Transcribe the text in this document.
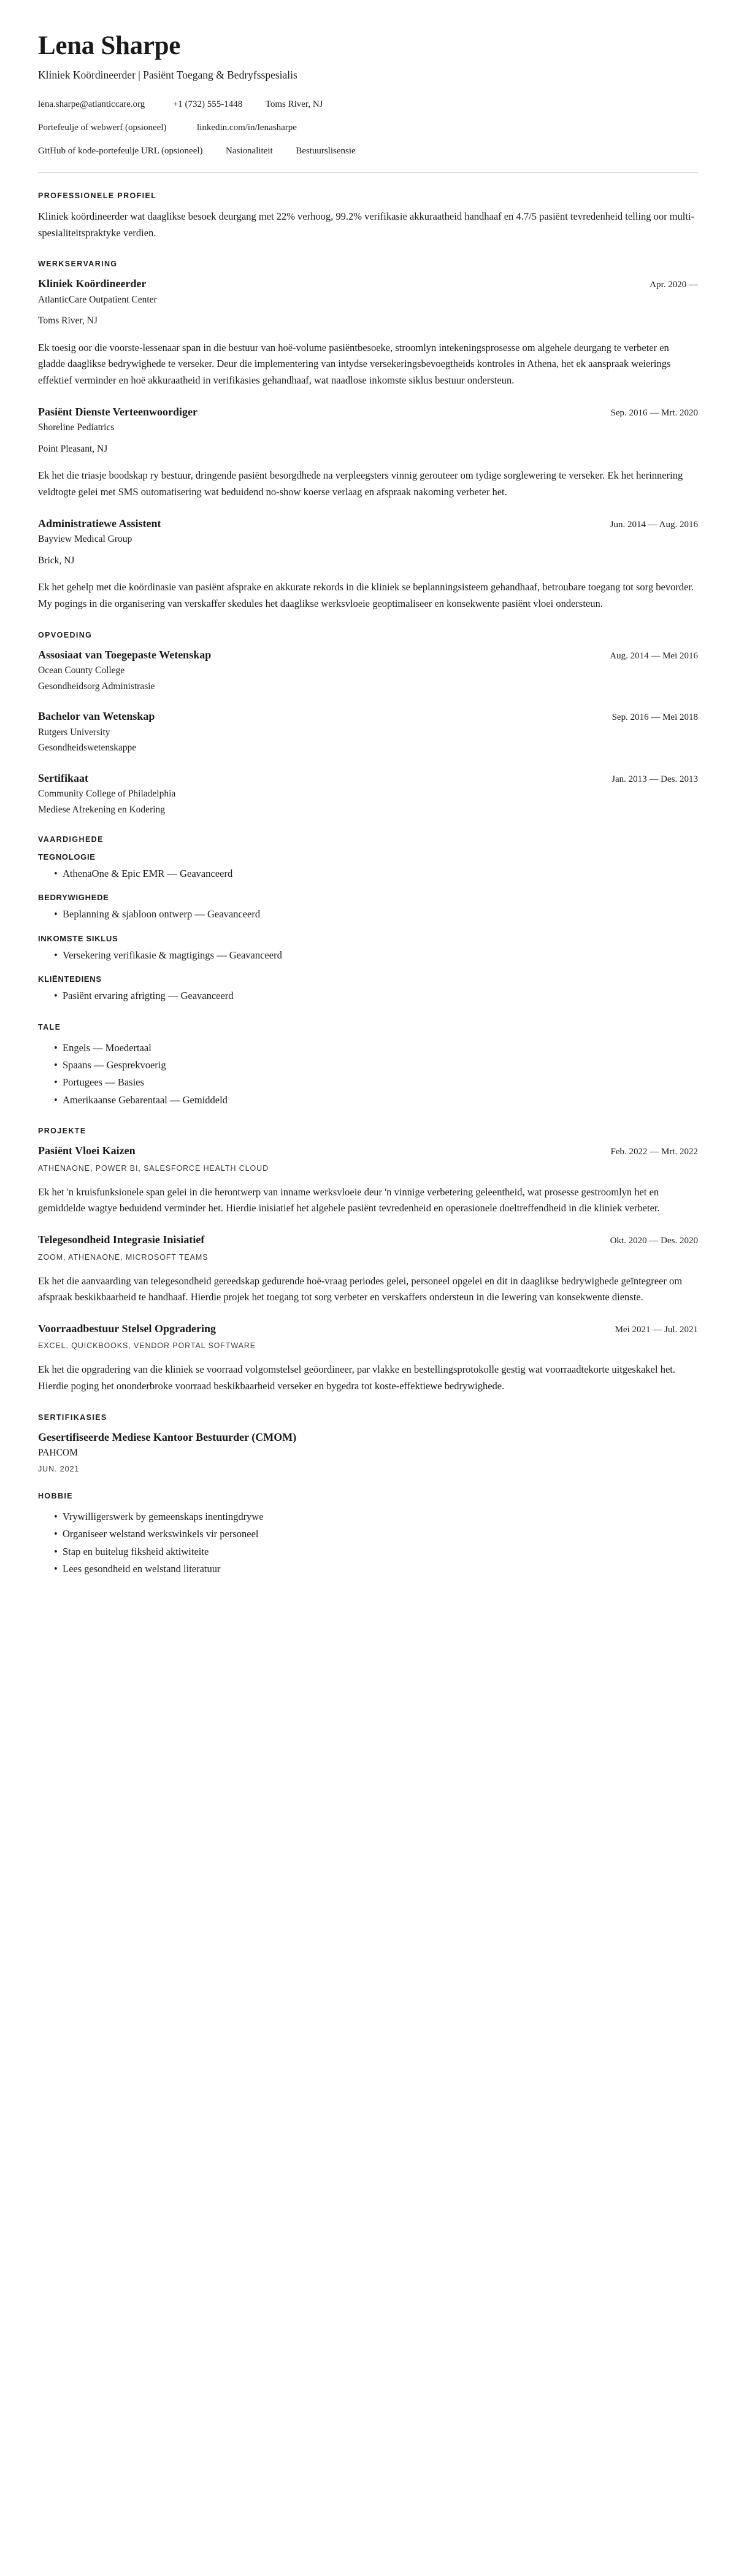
Lena Sharpe
Kliniek Koördineerder | Pasiënt Toegang & Bedryfsspesialis
lena.sharpe@atlanticcare.org	+1 (732) 555-1448	Toms River, NJ
Portefeulje of webwerf (opsioneel)	linkedin.com/in/lenasharpe
GitHub of kode-portefeulje URL (opsioneel)	Nasionaliteit	Bestuurslisensie
PROFESSIONELE PROFIEL

Kliniek koördineerder wat daaglikse besoek deurgang met 22% verhoog, 99.2% verifikasie akkuraatheid handhaaf en 4.7/5 pasiënt tevredenheid telling oor multi-spesialiteitspraktyke verdien.

WERKSERVARING
Kliniek Koördineerder	Apr. 2020 —

AtlanticCare Outpatient Center

Toms River, NJ

Ek toesig oor die voorste-lessenaar span in die bestuur van hoë-volume pasiëntbesoeke, stroomlyn intekeningsprosesse om algehele deurgang te verbeter en gladde daaglikse bedrywighede te verseker. Deur die implementering van intydse versekeringsbevoegtheids kontroles in Athena, het ek aanspraak weierings effektief verminder en hoë akkuraatheid in verifikasies gehandhaaf, wat naadlose inkomste siklus bestuur ondersteun.

Pasiënt Dienste Verteenwoordiger	Sep. 2016 — Mrt. 2020

Shoreline Pediatrics

Point Pleasant, NJ

Ek het die triasje boodskap ry bestuur, dringende pasiënt besorgdhede na verpleegsters vinnig gerouteer om tydige sorglewering te verseker. Ek het herinnering veldtogte gelei met SMS outomatisering wat beduidend no-show koerse verlaag en afspraak nakoming verbeter het.

Administratiewe Assistent	Jun. 2014 — Aug. 2016

Bayview Medical Group

Brick, NJ

Ek het gehelp met die koördinasie van pasiënt afsprake en akkurate rekords in die kliniek se beplanningsisteem gehandhaaf, betroubare toegang tot sorg bevorder. My pogings in die organisering van verskaffer skedules het daaglikse werksvloeie geoptimaliseer en konsekwente pasiënt vloei ondersteun.

OPVOEDING
Assosiaat van Toegepaste Wetenskap	Aug. 2014 — Mei 2016

Ocean County College

Gesondheidsorg Administrasie

Bachelor van Wetenskap	Sep. 2016 — Mei 2018

Rutgers University

Gesondheidswetenskappe

Sertifikaat	Jan. 2013 — Des. 2013

Community College of Philadelphia

Mediese Afrekening en Kodering

VAARDIGHEDE
TEGNOLOGIE
• AthenaOne & Epic EMR — Geavanceerd
BEDRYWIGHEDE
• Beplanning & sjabloon ontwerp — Geavanceerd
INKOMSTE SIKLUS
• Versekering verifikasie & magtigings — Geavanceerd
KLIËNTEDIENS
• Pasiënt ervaring afrigting — Geavanceerd
TALE
• Engels — Moedertaal
• Spaans — Gesprekvoerig
• Portugees — Basies
• Amerikaanse Gebarentaal — Gemiddeld
PROJEKTE
Pasiënt Vloei Kaizen	Feb. 2022 — Mrt. 2022

ATHENAONE, POWER BI, SALESFORCE HEALTH CLOUD

Ek het 'n kruisfunksionele span gelei in die herontwerp van inname werksvloeie deur 'n vinnige verbetering geleentheid, wat prosesse gestroomlyn het en gemiddelde wagtye beduidend verminder het. Hierdie inisiatief het algehele pasiënt tevredenheid en operasionele doeltreffendheid in die kliniek verbeter.

Telegesondheid Integrasie Inisiatief	Okt. 2020 — Des. 2020

ZOOM, ATHENAONE, MICROSOFT TEAMS

Ek het die aanvaarding van telegesondheid gereedskap gedurende hoë-vraag periodes gelei, personeel opgelei en dit in daaglikse bedrywighede geïntegreer om afspraak beskikbaarheid te handhaaf. Hierdie projek het toegang tot sorg verbeter en verskaffers ondersteun in die lewering van konsekwente dienste.

Voorraadbestuur Stelsel Opgradering	Mei 2021 — Jul. 2021

EXCEL, QUICKBOOKS, VENDOR PORTAL SOFTWARE

Ek het die opgradering van die kliniek se voorraad volgomstelsel geöordineer, par vlakke en bestellingsprotokolle gestig wat voorraadtekorte uitgeskakel het. Hierdie poging het ononderbroke voorraad beskikbaarheid verseker en bygedra tot koste-effektiewe bedrywighede.

SERTIFIKASIES
Gesertifiseerde Mediese Kantoor Bestuurder (CMOM)

PAHCOM

JUN. 2021

HOBBIE
• Vrywilligerswerk by gemeenskaps inentingdrywe
• Organiseer welstand werkswinkels vir personeel
• Stap en buitelug fiksheid aktiwiteite
• Lees gesondheid en welstand literatuur
